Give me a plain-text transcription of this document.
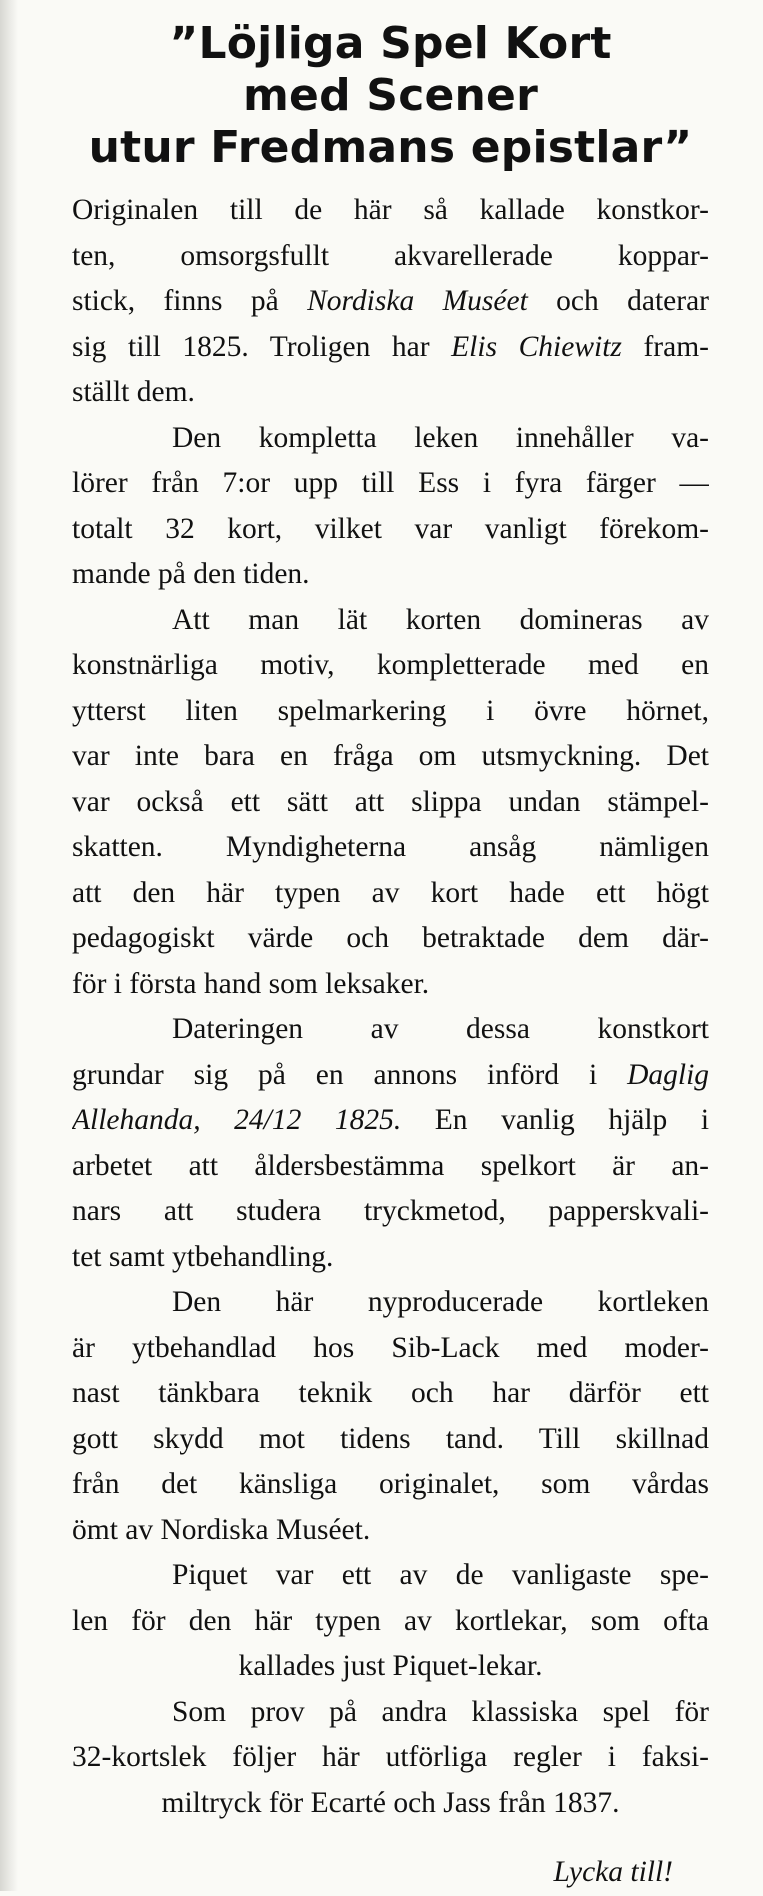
”Löjliga Spel Kort
med Scener
utur Fredmans epistlar”
Originalen till de här så kallade konstkor-
ten, omsorgsfullt akvarellerade koppar-
stick, finns på Nordiska Muséet och daterar
sig till 1825. Troligen har Elis Chiewitz fram-
ställt dem.
Den kompletta leken innehåller va-
lörer från 7:or upp till Ess i fyra färger —
totalt 32 kort, vilket var vanligt förekom-
mande på den tiden.
Att man lät korten domineras av
konstnärliga motiv, kompletterade med en
ytterst liten spelmarkering i övre hörnet,
var inte bara en fråga om utsmyckning. Det
var också ett sätt att slippa undan stämpel-
skatten. Myndigheterna ansåg nämligen
att den här typen av kort hade ett högt
pedagogiskt värde och betraktade dem där-
för i första hand som leksaker.
Dateringen av dessa konstkort
grundar sig på en annons införd i Daglig
Allehanda, 24/12 1825. En vanlig hjälp i
arbetet att åldersbestämma spelkort är an-
nars att studera tryckmetod, papperskvali-
tet samt ytbehandling.
Den här nyproducerade kortleken
är ytbehandlad hos Sib-Lack med moder-
nast tänkbara teknik och har därför ett
gott skydd mot tidens tand. Till skillnad
från det känsliga originalet, som vårdas
ömt av Nordiska Muséet.
Piquet var ett av de vanligaste spe-
len för den här typen av kortlekar, som ofta
kallades just Piquet-lekar.
Som prov på andra klassiska spel för
32-kortslek följer här utförliga regler i faksi-
miltryck för Ecarté och Jass från 1837.
Lycka till!
